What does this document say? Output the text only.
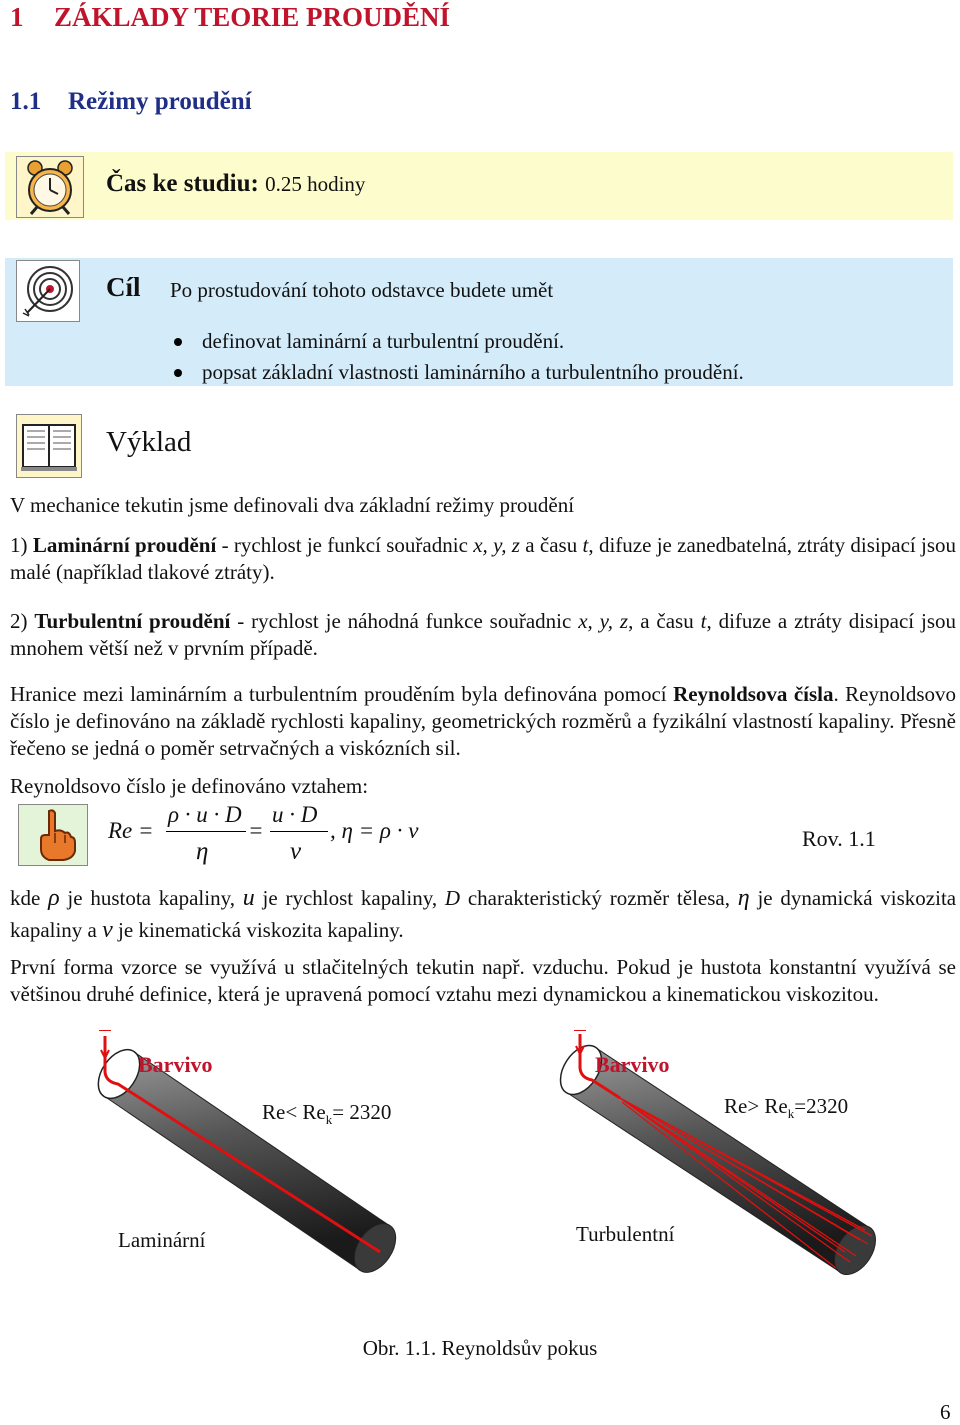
1 ZÁKLADY TEORIE PROUDĚNÍ
1.1 Režimy proudění
Čas ke studiu: 0.25 hodiny
Cíl Po prostudování tohoto odstavce budete umět
definovat laminární a turbulentní proudění.
popsat základní vlastnosti laminárního a turbulentního proudění.
Výklad

V mechanice tekutin jsme definovali dva základní režimy proudění

1) Laminární proudění - rychlost je funkcí souřadnic x, y, z a času t, difuze je zanedbatelná, ztráty disipací jsou malé (například tlakové ztráty).

2) Turbulentní proudění - rychlost je náhodná funkce souřadnic x, y, z, a času t, difuze a ztráty disipací jsou mnohem větší než v prvním případě.

Hranice mezi laminárním a turbulentním prouděním byla definována pomocí Reynoldsova čísla. Reynoldsovo číslo je definováno na základě rychlosti kapaliny, geometrických rozměrů a fyzikální vlastností kapaliny. Přesně řečeno se jedná o poměr setrvačných a viskózních sil.

Reynoldsovo číslo je definováno vztahem:

Re =
ρ · u · D
η
=
u · D
ν
, η = ρ · ν	Rov. 1.1

kde ρ je hustota kapaliny, u je rychlost kapaliny, D charakteristický rozměr tělesa, η je dynamická viskozita kapaliny a ν je kinematická viskozita kapaliny.

První forma vzorce se využívá u stlačitelných tekutin např. vzduchu. Pokud je hustota konstantní využívá se většinou druhé definice, která je upravená pomocí vztahu mezi dynamickou a kinematickou viskozitou.

Barvivo	Barvivo
$Re< Re_k= 2320$	$Re> Re_k=2320$
Laminární	Turbulentní
Obr. 1.1. Reynoldsův pokus
6
